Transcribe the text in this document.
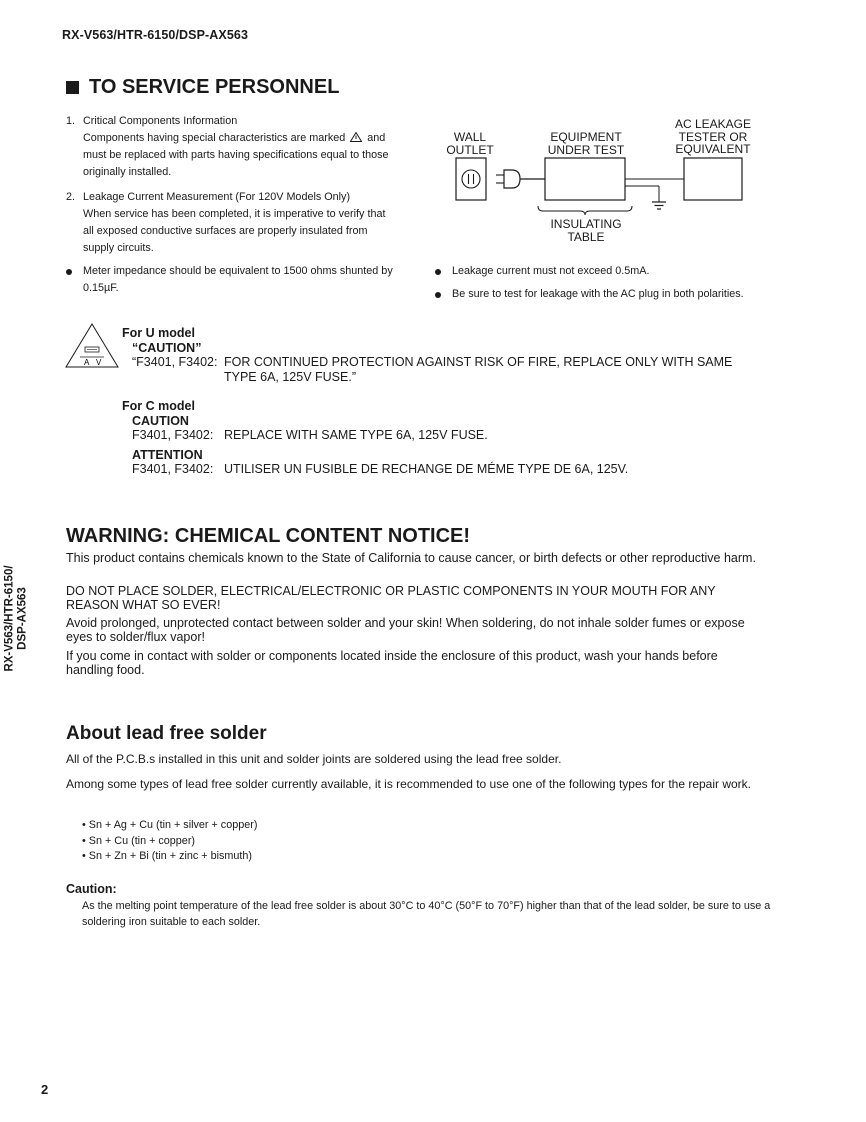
RX-V563/HTR-6150/DSP-AX563
TO SERVICE PERSONNEL
1. Critical Components Information
Components having special characteristics are marked and must be replaced with parts having specifications equal to those originally installed.
2. Leakage Current Measurement (For 120V Models Only)
When service has been completed, it is imperative to verify that all exposed conductive surfaces are properly insulated from supply circuits.
Meter impedance should be equivalent to 1500 ohms shunted by 0.15µF.
Leakage current must not exceed 0.5mA.
Be sure to test for leakage with the AC plug in both polarities.
WALL
OUTLET
EQUIPMENT
UNDER TEST
AC LEAKAGE
TESTER OR
EQUIVALENT
INSULATING
TABLE
A V
For U model
“CAUTION”
“F3401, F3402: FOR CONTINUED PROTECTION AGAINST RISK OF FIRE, REPLACE ONLY WITH SAME
TYPE 6A, 125V FUSE.”
For C model
CAUTION
F3401, F3402: REPLACE WITH SAME TYPE 6A, 125V FUSE.
ATTENTION
F3401, F3402: UTILISER UN FUSIBLE DE RECHANGE DE MÉME TYPE DE 6A, 125V.
WARNING: CHEMICAL CONTENT NOTICE!
This product contains chemicals known to the State of California to cause cancer, or birth defects or other reproductive harm.
DO NOT PLACE SOLDER, ELECTRICAL/ELECTRONIC OR PLASTIC COMPONENTS IN YOUR MOUTH FOR ANY REASON WHAT SO EVER!
Avoid prolonged, unprotected contact between solder and your skin! When soldering, do not inhale solder fumes or expose eyes to solder/flux vapor!
If you come in contact with solder or components located inside the enclosure of this product, wash your hands before handling food.
RX-V563/HTR-6150/ DSP-AX563
About lead free solder
All of the P.C.B.s installed in this unit and solder joints are soldered using the lead free solder.
Among some types of lead free solder currently available, it is recommended to use one of the following types for the repair work.
• Sn + Ag + Cu (tin + silver + copper)
• Sn + Cu (tin + copper)
• Sn + Zn + Bi (tin + zinc + bismuth)
Caution:
As the melting point temperature of the lead free solder is about 30°C to 40°C (50°F to 70°F) higher than that of the lead solder, be sure to use a soldering iron suitable to each solder.
2
